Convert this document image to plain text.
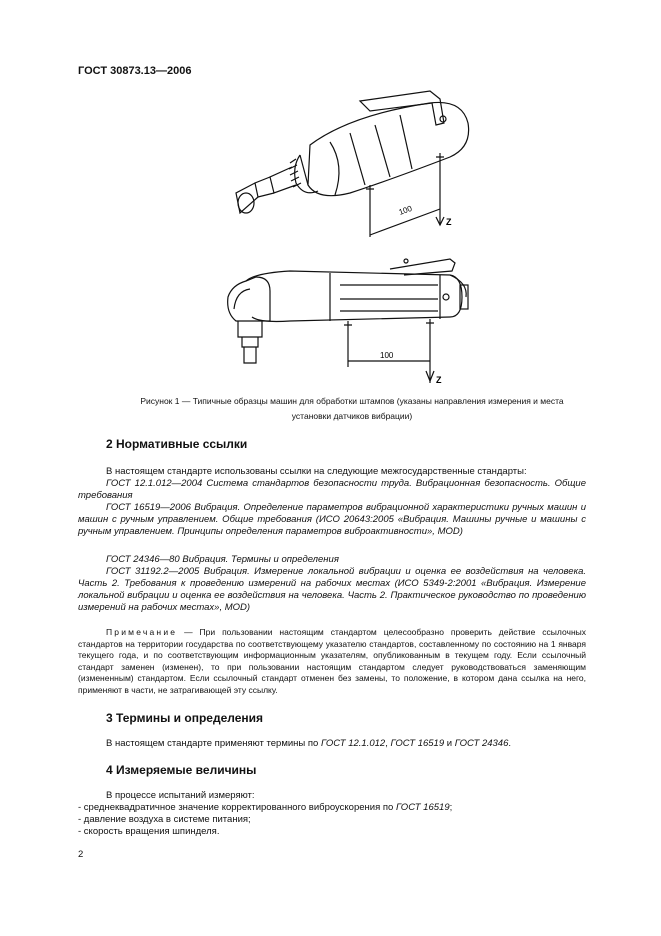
ГОСТ 30873.13—2006
100
Z
100
Z
Рисунок 1 — Типичные образцы машин для обработки штампов (указаны направления измерения и места
установки датчиков вибрации)
2 Нормативные ссылки
В настоящем стандарте использованы ссылки на следующие межгосударственные стандарты:
ГОСТ 12.1.012—2004 Система стандартов безопасности труда. Вибрационная безопасность. Общие требования
ГОСТ 16519—2006 Вибрация. Определение параметров вибрационной характеристики ручных машин и машин с ручным управлением. Общие требования (ИСО 20643:2005 «Вибрация. Машины ручные и машины с ручным управлением. Принципы определения параметров виброактивности», MOD)
ГОСТ 24346—80 Вибрация. Термины и определения
ГОСТ 31192.2—2005 Вибрация. Измерение локальной вибрации и оценка ее воздействия на человека. Часть 2. Требования к проведению измерений на рабочих местах (ИСО 5349-2:2001 «Вибрация. Измерение локальной вибрации и оценка ее воздействия на человека. Часть 2. Практическое руководство по проведению измерений на рабочих местах», MOD)
Примечание — При пользовании настоящим стандартом целесообразно проверить действие ссылочных стандартов на территории государства по соответствующему указателю стандартов, составленному по состоянию на 1 января текущего года, и по соответствующим информационным указателям, опубликованным в текущем году. Если ссылочный стандарт заменен (изменен), то при пользовании настоящим стандартом следует руководствоваться заменяющим (измененным) стандартом. Если ссылочный стандарт отменен без замены, то положение, в котором дана ссылка на него, применяют в части, не затрагивающей эту ссылку.
3 Термины и определения
В настоящем стандарте применяют термины по ГОСТ 12.1.012, ГОСТ 16519 и ГОСТ 24346.
4 Измеряемые величины
В процессе испытаний измеряют:
- среднеквадратичное значение корректированного виброускорения по ГОСТ 16519;
- давление воздуха в системе питания;
- скорость вращения шпинделя.
2
